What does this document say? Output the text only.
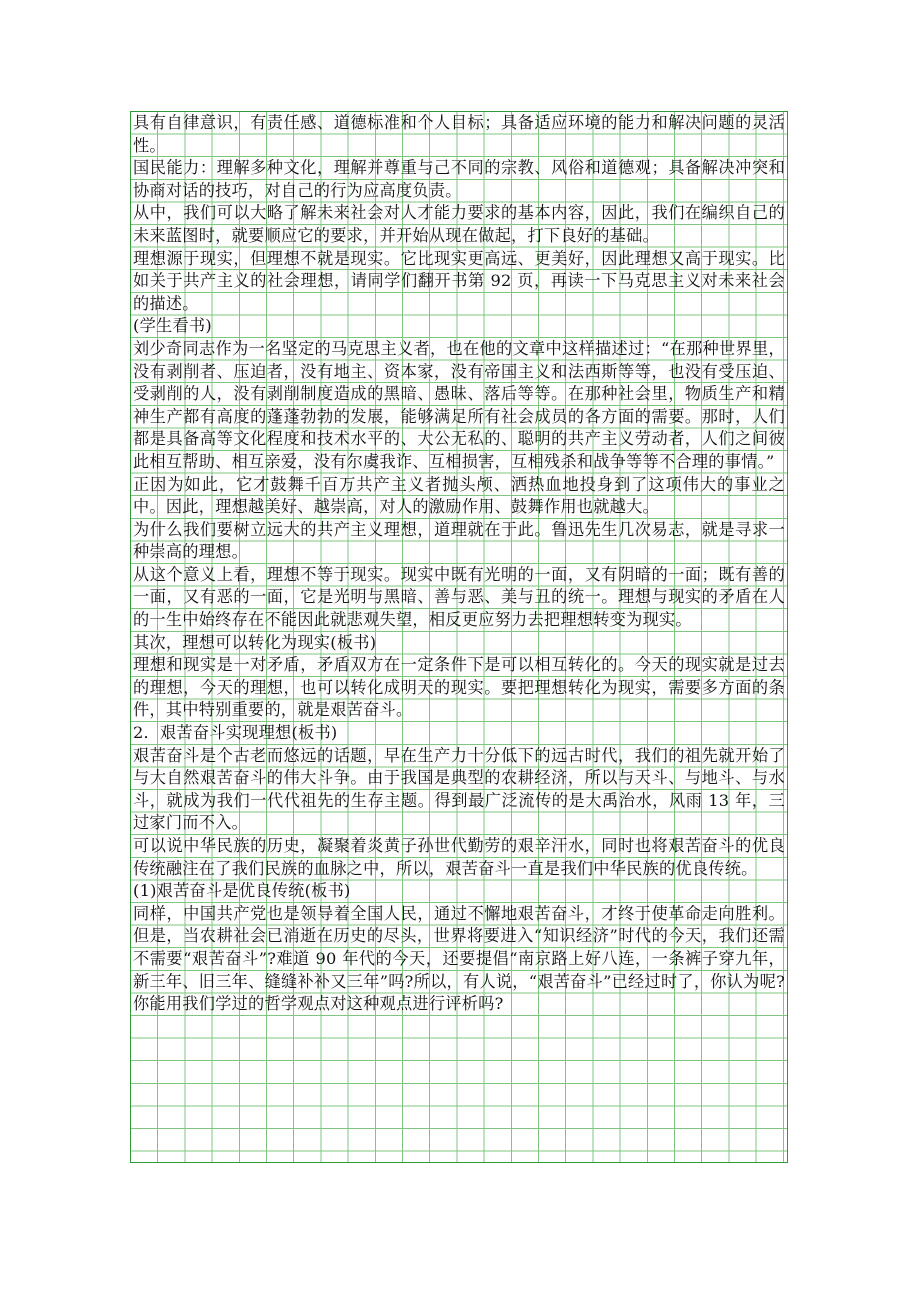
具有自律意识，有责任感、道德标准和个人目标；具备适应环境的能力和解决问题的灵活性。

国民能力：理解多种文化，理解并尊重与己不同的宗教、风俗和道德观；具备解决冲突和协商对话的技巧，对自己的行为应高度负责。

从中，我们可以大略了解未来社会对人才能力要求的基本内容，因此，我们在编织自己的未来蓝图时，就要顺应它的要求，并开始从现在做起，打下良好的基础。

理想源于现实，但理想不就是现实。它比现实更高远、更美好，因此理想又高于现实。比如关于共产主义的社会理想，请同学们翻开书第 92 页，再读一下马克思主义对未来社会的描述。

(学生看书)

刘少奇同志作为一名坚定的马克思主义者，也在他的文章中这样描述过：“在那种世界里，没有剥削者、压迫者，没有地主、资本家，没有帝国主义和法西斯等等，也没有受压迫、受剥削的人，没有剥削制度造成的黑暗、愚昧、落后等等。在那种社会里，物质生产和精神生产都有高度的蓬蓬勃勃的发展，能够满足所有社会成员的各方面的需要。那时，人们都是具备高等文化程度和技术水平的、大公无私的、聪明的共产主义劳动者，人们之间彼此相互帮助、相互亲爱，没有尔虞我诈、互相损害，互相残杀和战争等等不合理的事情。”

正因为如此，它才鼓舞千百万共产主义者抛头颅、洒热血地投身到了这项伟大的事业之中。因此，理想越美好、越崇高，对人的激励作用、鼓舞作用也就越大。

为什么我们要树立远大的共产主义理想，道理就在于此。鲁迅先生几次易志，就是寻求一种崇高的理想。

从这个意义上看，理想不等于现实。现实中既有光明的一面，又有阴暗的一面；既有善的一面，又有恶的一面，它是光明与黑暗、善与恶、美与丑的统一。理想与现实的矛盾在人的一生中始终存在不能因此就悲观失望，相反更应努力去把理想转变为现实。

其次，理想可以转化为现实(板书)

理想和现实是一对矛盾，矛盾双方在一定条件下是可以相互转化的。今天的现实就是过去的理想，今天的理想，也可以转化成明天的现实。要把理想转化为现实，需要多方面的条件，其中特别重要的，就是艰苦奋斗。

2．艰苦奋斗实现理想(板书)

艰苦奋斗是个古老而悠远的话题，早在生产力十分低下的远古时代，我们的祖先就开始了与大自然艰苦奋斗的伟大斗争。由于我国是典型的农耕经济，所以与天斗、与地斗、与水斗，就成为我们一代代祖先的生存主题。得到最广泛流传的是大禹治水，风雨 13 年，三过家门而不入。

可以说中华民族的历史，凝聚着炎黄子孙世代勤劳的艰辛汗水，同时也将艰苦奋斗的优良传统融注在了我们民族的血脉之中，所以，艰苦奋斗一直是我们中华民族的优良传统。

(1)艰苦奋斗是优良传统(板书)

同样，中国共产党也是领导着全国人民，通过不懈地艰苦奋斗，才终于使革命走向胜利。但是，当农耕社会已消逝在历史的尽头，世界将要进入“知识经济”时代的今天，我们还需不需要“艰苦奋斗”?难道 90 年代的今天，还要提倡“南京路上好八连，一条裤子穿九年，新三年、旧三年、缝缝补补又三年”吗?所以，有人说，“艰苦奋斗”已经过时了，你认为呢?你能用我们学过的哲学观点对这种观点进行评析吗?
